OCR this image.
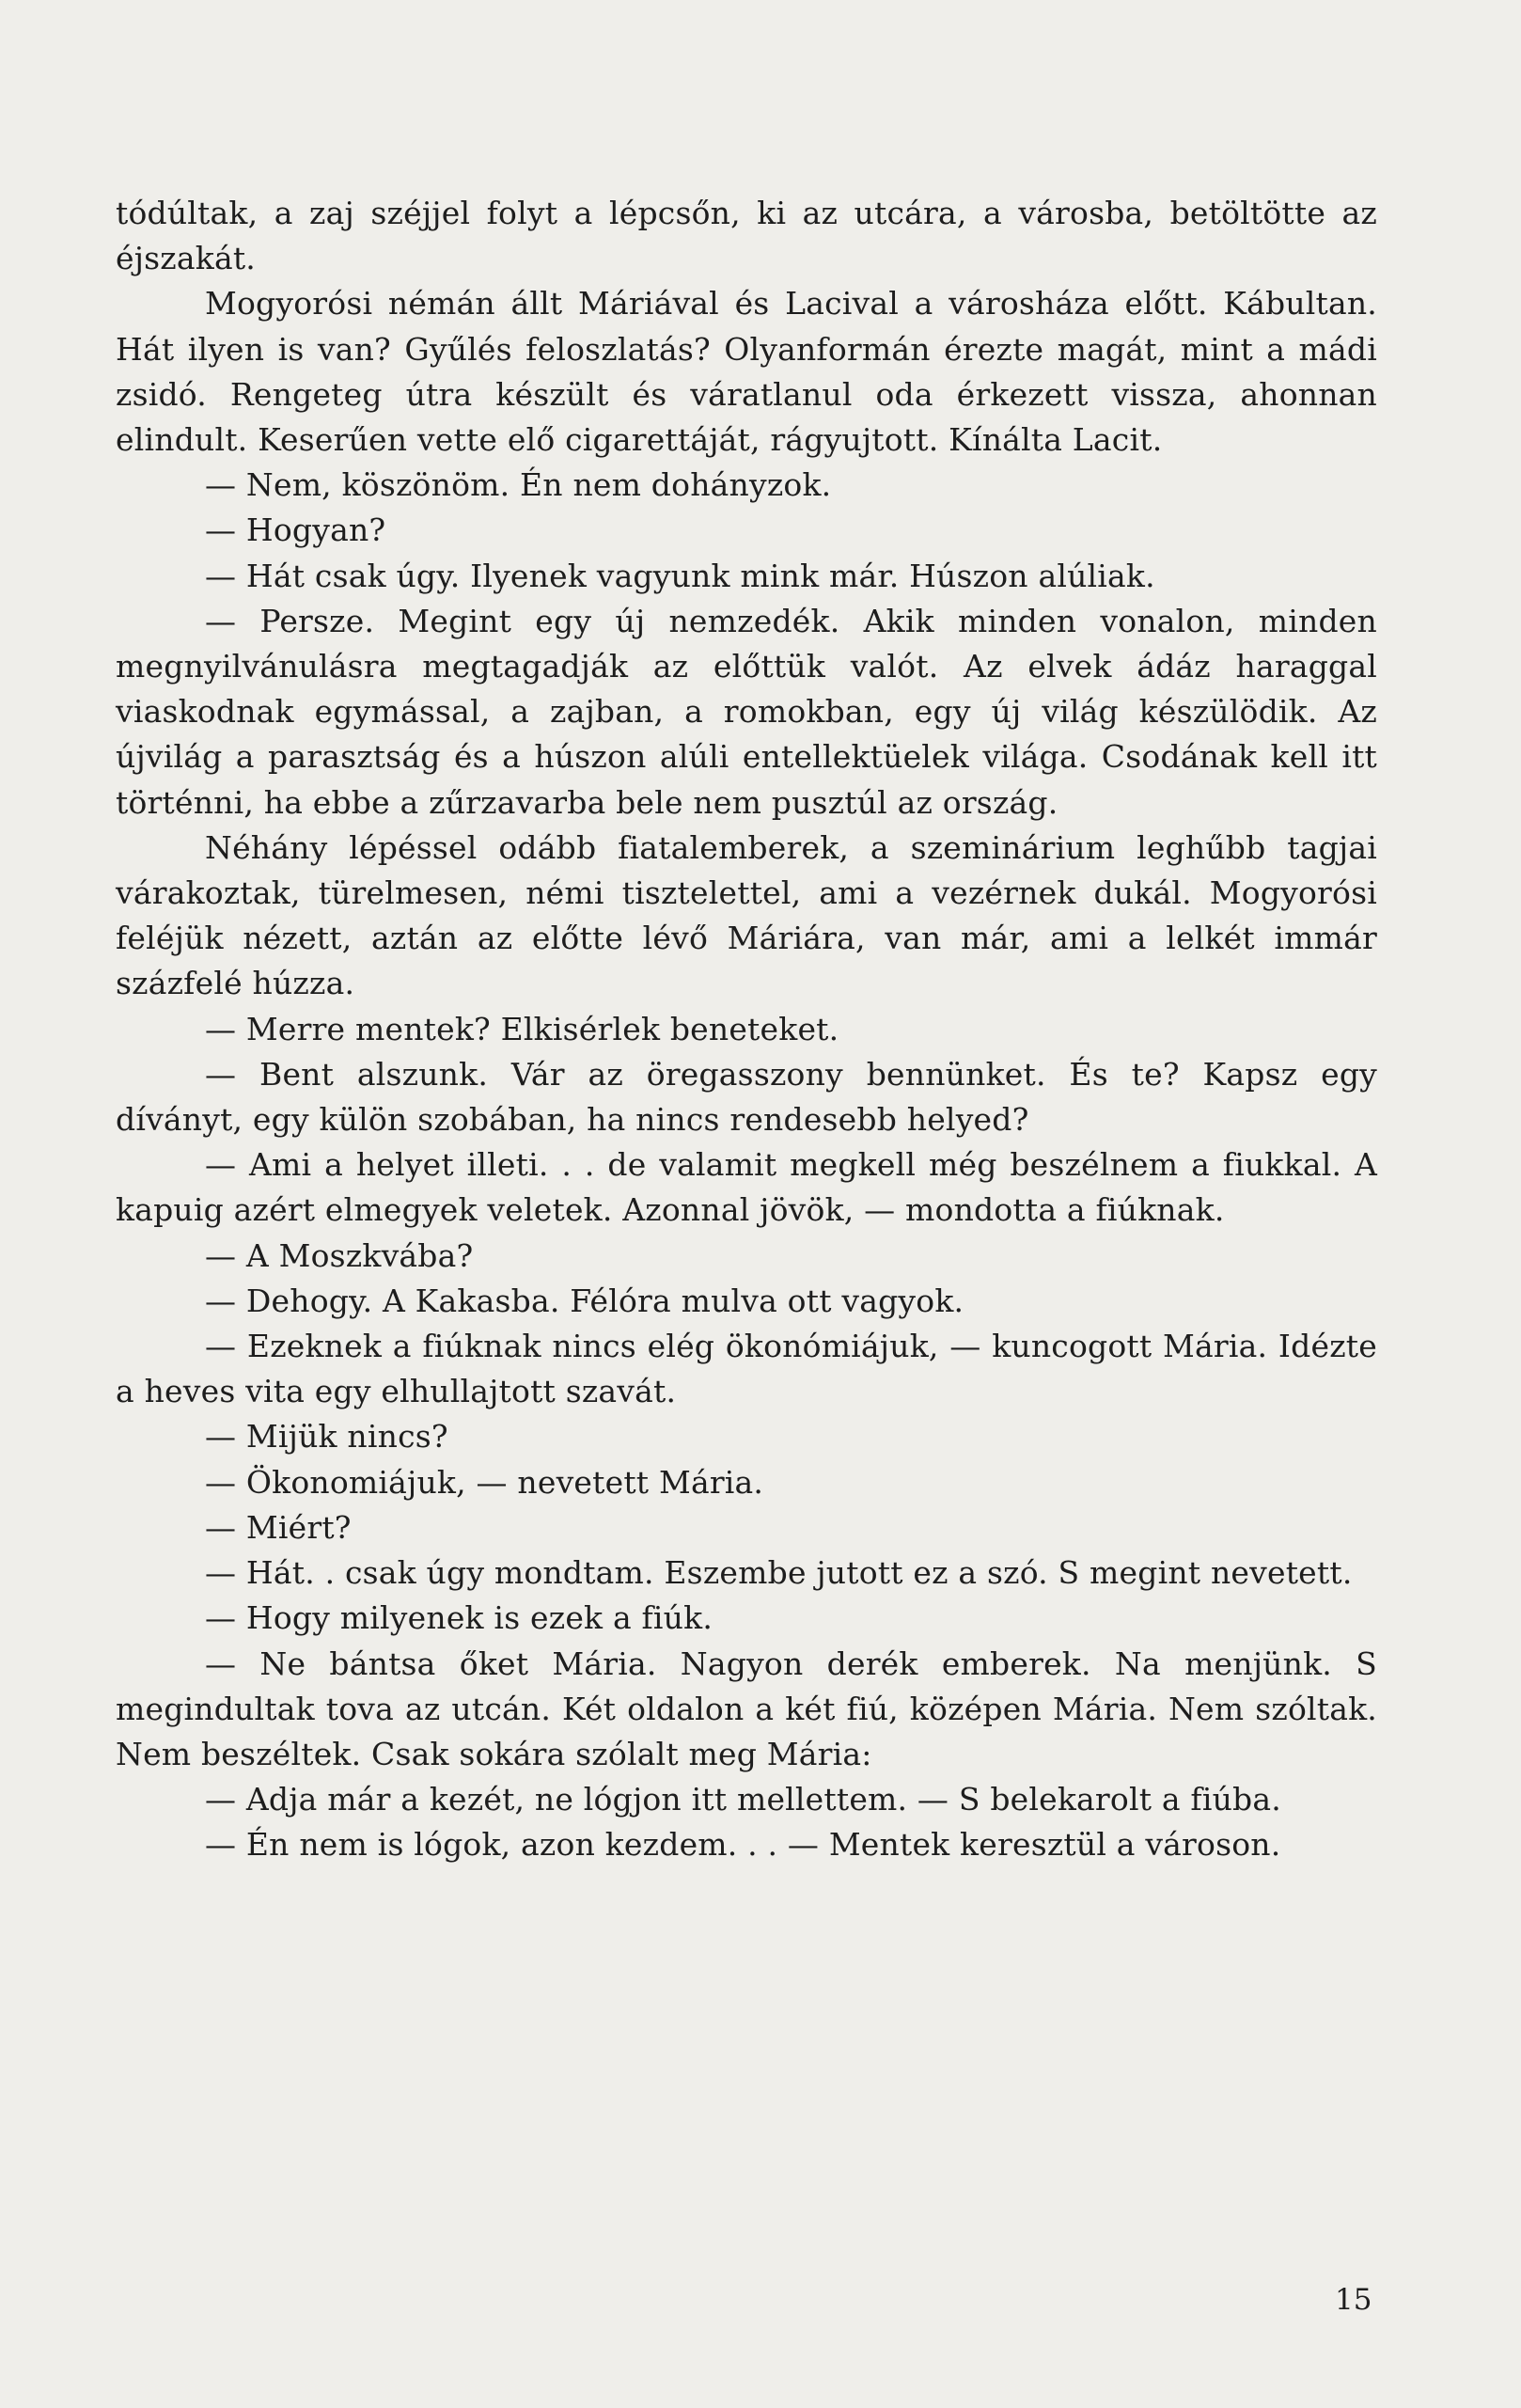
tódúltak, a zaj széjjel folyt a lépcsőn, ki az utcára, a városba, betöltötte az éjszakát.

Mogyorósi némán állt Máriával és Lacival a városháza előtt. Kábultan. Hát ilyen is van? Gyűlés feloszlatás? Olyanformán érezte magát, mint a mádi zsidó. Rengeteg útra készült és váratlanul oda érkezett vissza, ahonnan elindult. Keserűen vette elő cigarettáját, rágyujtott. Kínálta Lacit.

— Nem, köszönöm. Én nem dohányzok.

— Hogyan?

— Hát csak úgy. Ilyenek vagyunk mink már. Húszon alúliak.

— Persze. Megint egy új nemzedék. Akik minden vonalon, minden megnyilvánulásra megtagadják az előttük valót. Az elvek ádáz haraggal viaskodnak egymással, a zajban, a romokban, egy új világ készülödik. Az újvilág a parasztság és a húszon alúli entellektüelek világa. Csodának kell itt történni, ha ebbe a zűrzavarba bele nem pusztúl az ország.

Néhány lépéssel odább fiatalemberek, a szeminárium leghűbb tagjai várakoztak, türelmesen, némi tisztelettel, ami a vezérnek dukál. Mogyorósi feléjük nézett, aztán az előtte lévő Máriára, van már, ami a lelkét immár százfelé húzza.

— Merre mentek? Elkisérlek beneteket.

— Bent alszunk. Vár az öregasszony bennünket. És te? Kapsz egy díványt, egy külön szobában, ha nincs rendesebb helyed?

— Ami a helyet illeti. . . de valamit megkell még beszélnem a fiukkal. A kapuig azért elmegyek veletek. Azonnal jövök, — mondotta a fiúknak.

— A Moszkvába?

— Dehogy. A Kakasba. Félóra mulva ott vagyok.

— Ezeknek a fiúknak nincs elég ökonómiájuk, — kuncogott Mária. Idézte a heves vita egy elhullajtott szavát.

— Mijük nincs?

— Ökonomiájuk, — nevetett Mária.

— Miért?

— Hát. . csak úgy mondtam. Eszembe jutott ez a szó. S megint nevetett.

— Hogy milyenek is ezek a fiúk.

— Ne bántsa őket Mária. Nagyon derék emberek. Na menjünk. S megindultak tova az utcán. Két oldalon a két fiú, középen Mária. Nem szóltak. Nem beszéltek. Csak sokára szólalt meg Mária:

— Adja már a kezét, ne lógjon itt mellettem. — S belekarolt a fiúba.

— Én nem is lógok, azon kezdem. . . — Mentek keresztül a városon.

15
